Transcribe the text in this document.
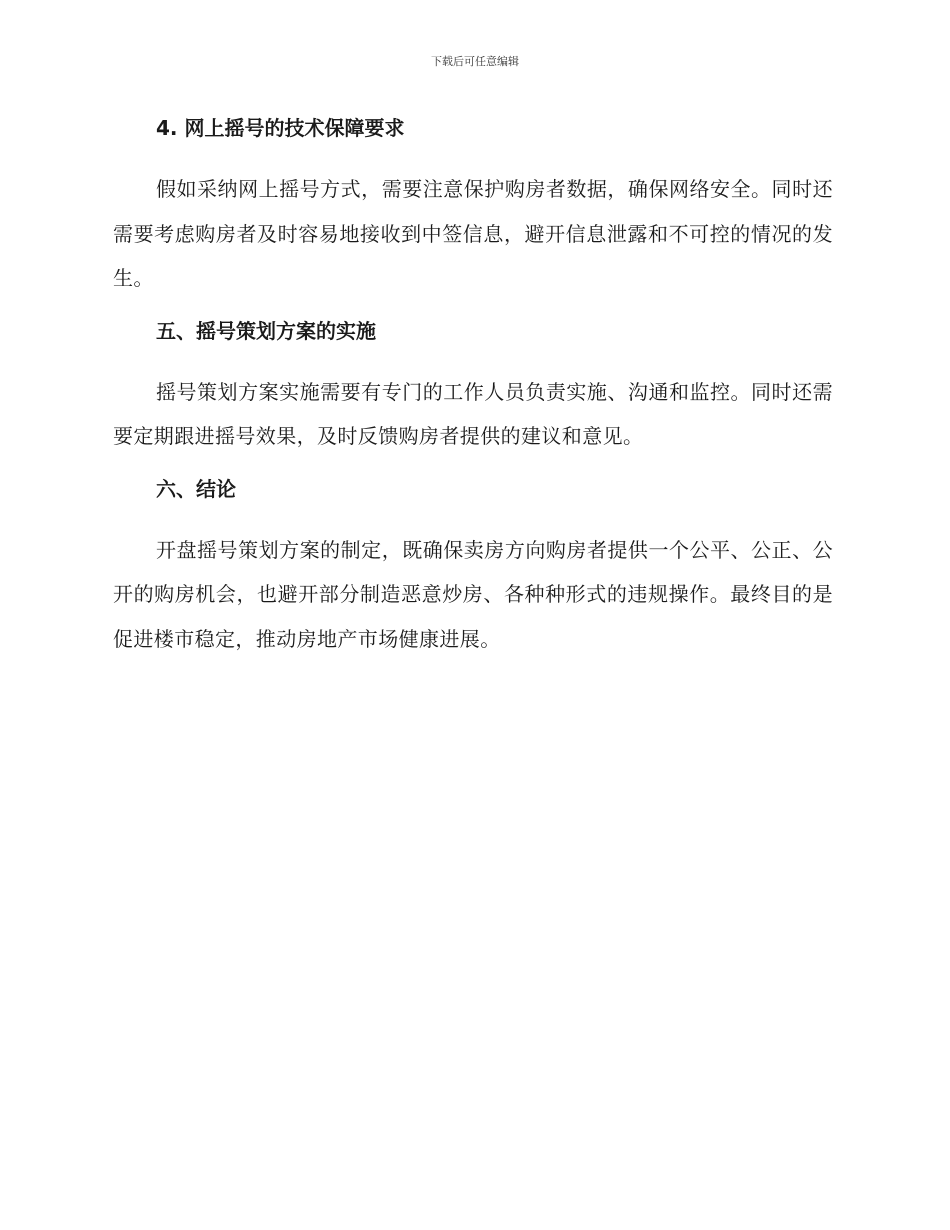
下载后可任意编辑
4. 网上摇号的技术保障要求

假如采纳网上摇号方式，需要注意保护购房者数据，确保网络安全。同时还需要考虑购房者及时容易地接收到中签信息，避开信息泄露和不可控的情况的发生。

五、摇号策划方案的实施

摇号策划方案实施需要有专门的工作人员负责实施、沟通和监控。同时还需要定期跟进摇号效果，及时反馈购房者提供的建议和意见。

六、结论

开盘摇号策划方案的制定，既确保卖房方向购房者提供一个公平、公正、公开的购房机会，也避开部分制造恶意炒房、各种种形式的违规操作。最终目的是促进楼市稳定，推动房地产市场健康进展。
